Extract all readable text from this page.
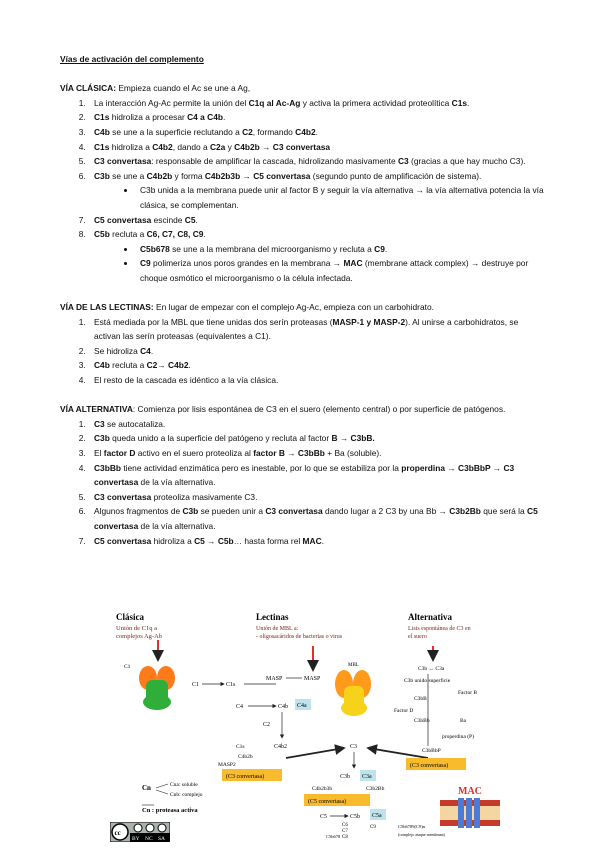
Vías de activación del complemento
VÍA CLÁSICA: Empieza cuando el Ac se une a Ag,
1. La interacción Ag-Ac permite la unión del C1q al Ac-Ag y activa la primera actividad proteolítica C1s.
2. C1s hidroliza a procesar C4 a C4b.
3. C4b se une a la superficie reclutando a C2, formando C4b2.
4. C1s hidroliza a C4b2, dando a C2a y C4b2b → C3 convertasa
5. C3 convertasa: responsable de amplificar la cascada, hidrolizando masivamente C3 (gracias a que hay mucho C3).
6. C3b se une a C4b2b y forma C4b2b3b → C5 convertasa (segundo punto de amplificación de sistema).
• C3b unida a la membrana puede unir al factor B y seguir la vía alternativa → la vía alternativa potencia la vía clásica, se complementan.
7. C5 convertasa escinde C5.
8. C5b recluta a C6, C7, C8, C9.
• C5b678 se une a la membrana del microorganismo y recluta a C9.
• C9 polimeriza unos poros grandes en la membrana → MAC (membrane attack complex) → destruye por choque osmótico el microorganismo o la célula infectada.
VÍA DE LAS LECTINAS: En lugar de empezar con el complejo Ag-Ac, empieza con un carbohidrato.
1. Está mediada por la MBL que tiene unidas dos serín proteasas (MASP-1 y MASP-2). Al unirse a carbohidratos, se activan las serín proteasas (equivalentes a C1).
2. Se hidroliza C4.
3. C4b recluta a C2→ C4b2.
4. El resto de la cascada es idéntico a la vía clásica.
VÍA ALTERNATIVA: Comienza por lisis espontánea de C3 en el suero (elemento central) o por superficie de patógenos.
1. C3 se autocataliza.
2. C3b queda unido a la superficie del patógeno y recluta al factor B → C3bB.
3. El factor D activo en el suero proteoliza al factor B → C3bBb + Ba (soluble).
4. C3bBb tiene actividad enzimática pero es inestable, por lo que se estabiliza por la properdina → C3bBbP → C3 convertasa de la vía alternativa.
5. C3 convertasa proteoliza masivamente C3.
6. Algunos fragmentos de C3b se pueden unir a C3 convertasa dando lugar a 2 C3 by una Bb → C3b2Bb que será la C5 convertasa de la vía alternativa.
7. C5 convertasa hidroliza a C5 → C5b… hasta forma rel MAC.
Clásica
Unión de C1q a
complejos Ag-Ab
Lectinas
Unión de MBL a:
- oligosacáridos de bacterias o virus
Alternativa
Lisis espontánea de C3 en
el suero
C1	MBL
C1	C1s
MASP	MASP
C4	C4b C4a
C2
C4b2
C1s
C4b2b
MASP2
(C3 convertasa)
C3
C3b C3a
C4b2b3b	C3b2Bb
(C5 convertasa)
C3b ↔ C3a
C3b unido superficie
Factor B
C3bB
Factor D
C3bBb	Ba
properdina (P)
C3bBbP
(C3 convertasa)
C5	C5b C5a
C6
C7
C8
C9
C5b678
C5b6789(C9)n
(complejo ataque membrana)
MAC
Cn	Cna: soluble
Cnb: complejo
Cn : proteasa activa
cc
BY NC SA
